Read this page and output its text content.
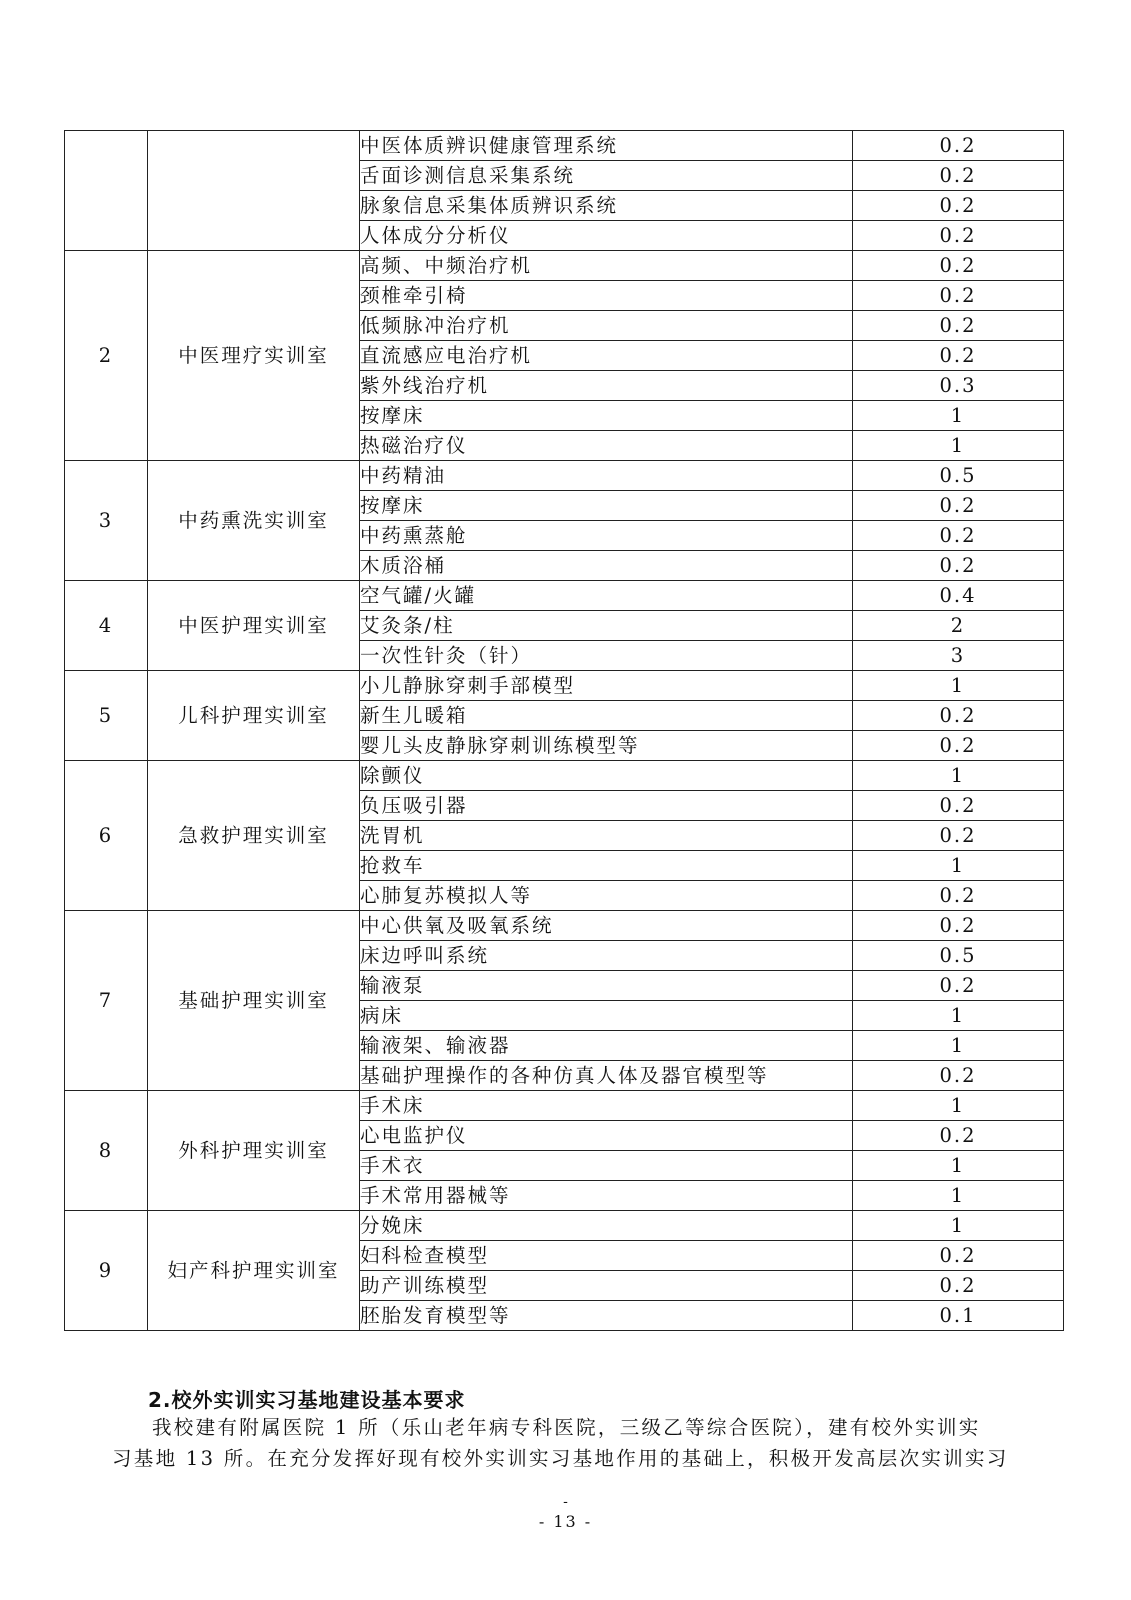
		中医体质辨识健康管理系统	0.2
		舌面诊测信息采集系统	0.2
		脉象信息采集体质辨识系统	0.2
		人体成分分析仪	0.2
2	中医理疗实训室	高频、中频治疗机	0.2
		颈椎牵引椅	0.2
		低频脉冲治疗机	0.2
		直流感应电治疗机	0.2
		紫外线治疗机	0.3
		按摩床	1
		热磁治疗仪	1
3	中药熏洗实训室	中药精油	0.5
		按摩床	0.2
		中药熏蒸舱	0.2
		木质浴桶	0.2
4	中医护理实训室	空气罐/火罐	0.4
		艾灸条/柱	2
		一次性针灸（针）	3
5	儿科护理实训室	小儿静脉穿刺手部模型	1
		新生儿暖箱	0.2
		婴儿头皮静脉穿刺训练模型等	0.2
6	急救护理实训室	除颤仪	1
		负压吸引器	0.2
		洗胃机	0.2
		抢救车	1
		心肺复苏模拟人等	0.2
7	基础护理实训室	中心供氧及吸氧系统	0.2
		床边呼叫系统	0.5
		输液泵	0.2
		病床	1
		输液架、输液器	1
		基础护理操作的各种仿真人体及器官模型等	0.2
8	外科护理实训室	手术床	1
		心电监护仪	0.2
		手术衣	1
		手术常用器械等	1
9	妇产科护理实训室	分娩床	1
		妇科检查模型	0.2
		助产训练模型	0.2
		胚胎发育模型等	0.1
2.校外实训实习基地建设基本要求
我校建有附属医院 1 所（乐山老年病专科医院，三级乙等综合医院），建有校外实训实
习基地 13 所。在充分发挥好现有校外实训实习基地作用的基础上，积极开发高层次实训实习
-
- 13 -
